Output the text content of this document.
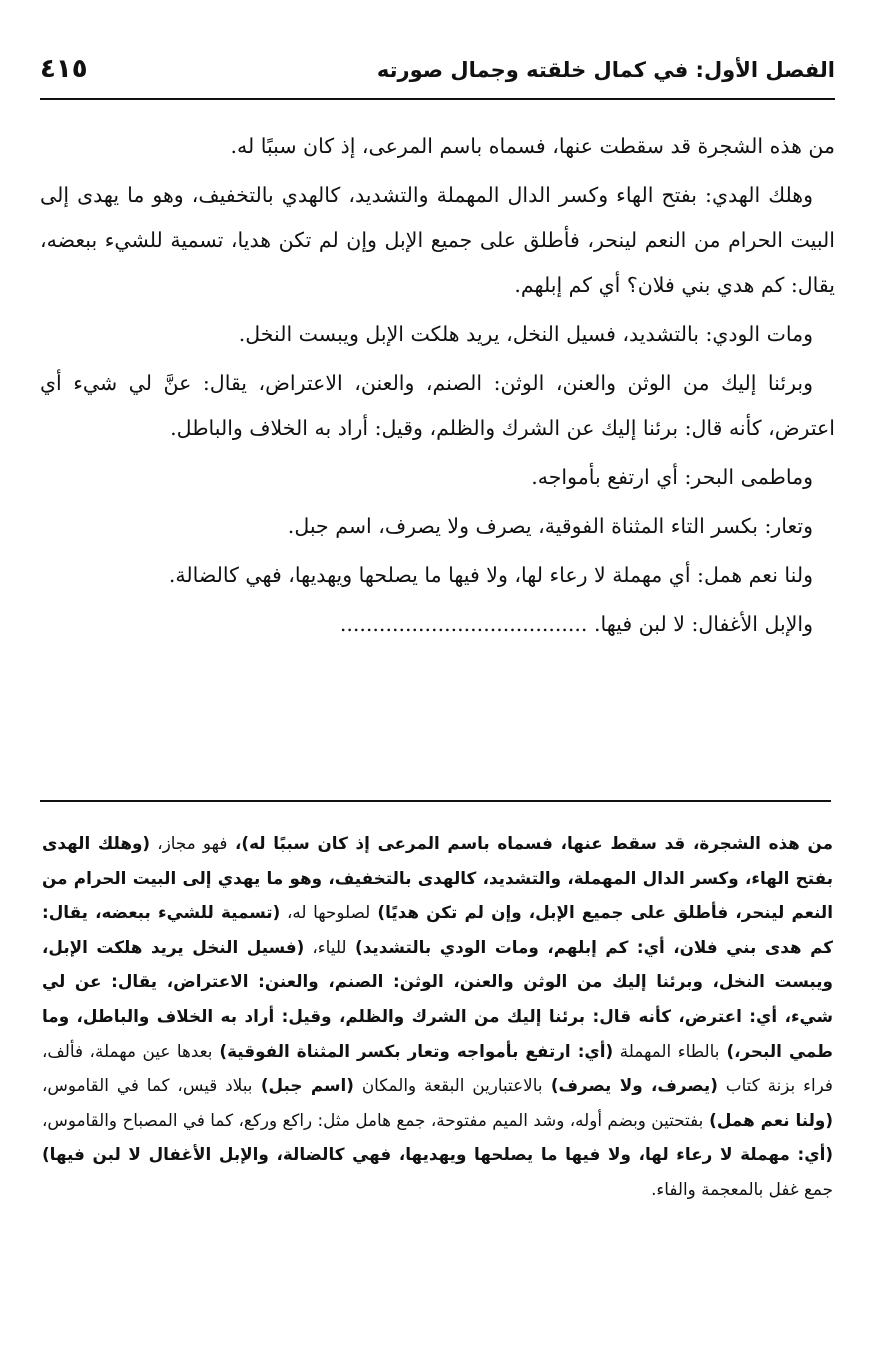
الفصل الأول: في كمال خلقته وجمال صورته
٤١٥

من هذه الشجرة قد سقطت عنها، فسماه باسم المرعى، إذ كان سببًا له.

وهلك الهدي: بفتح الهاء وكسر الدال المهملة والتشديد، كالهدي بالتخفيف، وهو ما يهدى إلى البيت الحرام من النعم لينحر، فأطلق على جميع الإبل وإن لم تكن هديا، تسمية للشيء ببعضه، يقال: كم هدي بني فلان؟ أي كم إبلهم.

ومات الودي: بالتشديد، فسيل النخل، يريد هلكت الإبل ويبست النخل.

وبرئنا إليك من الوثن والعنن، الوثن: الصنم، والعنن، الاعتراض، يقال: عنَّ لي شيء أي اعترض، كأنه قال: برئنا إليك عن الشرك والظلم، وقيل: أراد به الخلاف والباطل.

وماطمى البحر: أي ارتفع بأمواجه.

وتعار: بكسر التاء المثناة الفوقية، يصرف ولا يصرف، اسم جبل.

ولنا نعم همل: أي مهملة لا رعاء لها، ولا فيها ما يصلحها ويهديها، فهي كالضالة.

والإبل الأغفال: لا لبن فيها. ......................................

من هذه الشجرة، قد سقط عنها، فسماه باسم المرعى إذ كان سببًا له)، فهو مجاز، (وهلك الهدى بفتح الهاء، وكسر الدال المهملة، والتشديد، كالهدى بالتخفيف، وهو ما يهدي إلى البيت الحرام من النعم لينحر، فأطلق على جميع الإبل، وإن لم تكن هديًا) لصلوحها له، (تسمية للشيء ببعضه، يقال: كم هدى بني فلان، أي: كم إبلهم، ومات الودي بالتشديد) للياء، (فسيل النخل يريد هلكت الإبل، ويبست النخل، وبرئنا إليك من الوثن والعنن، الوثن: الصنم، والعنن: الاعتراض، يقال: عن لي شيء، أي: اعترض، كأنه قال: برئنا إليك من الشرك والظلم، وقيل: أراد به الخلاف والباطل، وما طمي البحر،) بالطاء المهملة (أي: ارتفع بأمواجه وتعار بكسر المثناة الفوقية) بعدها عين مهملة، فألف، فراء بزنة كتاب (يصرف، ولا يصرف) بالاعتبارين البقعة والمكان (اسم جبل) ببلاد قيس، كما في القاموس، (ولنا نعم همل) بفتحتين وبضم أوله، وشد الميم مفتوحة، جمع هامل مثل: راكع وركع، كما في المصباح والقاموس، (أي: مهملة لا رعاء لها، ولا فيها ما يصلحها ويهديها، فهي كالضالة، والإبل الأغفال لا لبن فيها) جمع غفل بالمعجمة والفاء.
